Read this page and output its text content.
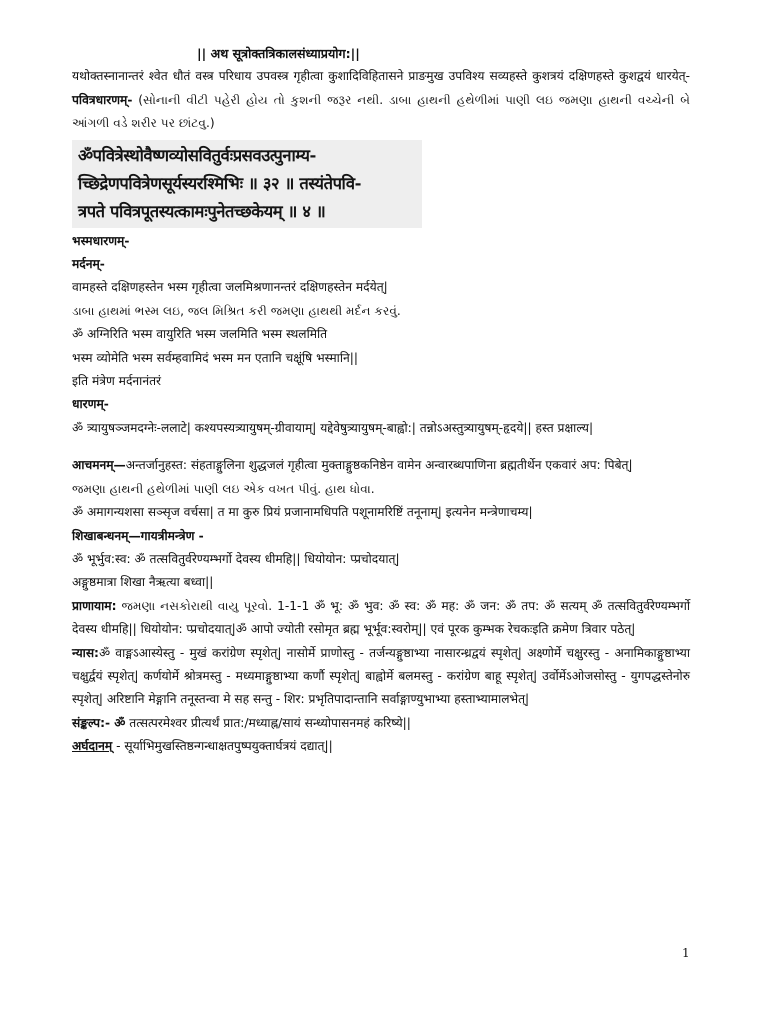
|| अथ सूत्रोक्तत्रिकालसंध्याप्रयोग:||

यथोक्तस्नानान्तरं श्वेत धौतं वस्त्र परिधाय उपवस्त्र गृहीत्वा कुशादिविहितासने प्राङमुख उपविश्य सव्यहस्ते कुशत्रयं दक्षिणहस्ते कुशद्वयं धारयेत्-पवित्रधारणम्- (સોનાની વીટી પહેરી હોય તો કુશની જરૂર નથી. ડાબા હાથની હથેળીમાં પાણી લઇ જમણા હાથની વચ્ચેની બે આંગળી વડે શરીર પર છાંટવુ.)

ॐपवित्रेस्थोवैष्णव्योसवितुर्वःप्रसवउत्पुनाम्य-
च्छिद्रेणपवित्रेणसूर्यस्यरश्मिभिः ॥ ३२ ॥ तस्यंतेपवि-
त्रपते पवित्रपूतस्यत्कामःपुनेतच्छकेयम् ॥ ४ ॥

भस्मधारणम्-

मर्दनम्-

वामहस्ते दक्षिणहस्तेन भस्म गृहीत्वा जलमिश्रणानन्तरं दक्षिणहस्तेन मर्दयेत्|

ડાબા હાથમાં ભસ્મ લઇ, જલ મિશ્રિત કરી જમણા હાથથી મર્દન કરવું.

ॐ अग्निरिति भस्म वायुरिति भस्म जलमिति भस्म स्थलमिति

भस्म व्योमेति भस्म सर्वम्हवामिदं भस्म मन एतानि चक्षूंषि भस्मानि||

इति मंत्रेण मर्दनानंतरं

धारणम्-

ॐ त्र्यायुषञ्जमदग्नेः-ललाटे| कश्यपस्यत्र्यायुषम्-ग्रीवायाम्| यद्देवेषुत्र्यायुषम्-बाह्वो:| तन्नोऽअस्तुत्र्यायुषम्-हृदये|| हस्त प्रक्षाल्य|

आचमनम्—अन्तर्जानुहस्त: संहताङ्गुलिना शुद्धजलं गृहीत्वा मुक्ताङ्गुष्ठकनिष्ठेन वामेन अन्वारब्धपाणिना ब्रह्मतीर्थेन एकवारं अप: पिबेत्|

જમણા હાથની હથેળીમાં પાણી લઇ એક વખત પીવું. હાથ ધોવા.

ॐ अमागन्यशसा सञ्सृज वर्चसा| त मा कुरु प्रियं प्रजानामधिपति पशूनामरिष्टिं तनूनाम्| इत्यनेन मन्त्रेणाचम्य|

शिखाबन्धनम्—गायत्रीमन्त्रेण -

ॐ भूर्भुव:स्व: ॐ तत्सवितुर्वरेण्यम्भर्गो देवस्य धीमहि|| धियोयोन: प्प्रचोदयात्|

अङ्गुष्ठमात्रा शिखा नैऋत्या बध्वा||

प्राणायाम: જમણા નસકોરાથી વાયુ પૂરવો. 1-1-1 ॐ भू: ॐ भुव: ॐ स्व: ॐ मह: ॐ जन: ॐ तप: ॐ सत्यम् ॐ तत्सवितुर्वरेण्यम्भर्गो देवस्य धीमहि|| धियोयोन: प्प्रचोदयात्|ॐ आपो ज्योती रसोमृत ब्रह्म भूर्भूव:स्वरोम्|| एवं पूरक कुम्भक रेचकःइति क्रमेण त्रिवार पठेत्|

न्यास:ॐ वाङ्मऽआस्येस्तु - मुखं करांग्रेण स्पृशेत्| नासोर्मे प्राणोस्तु - तर्जन्यङ्गुष्ठाभ्या नासारन्ध्रद्वयं स्पृशेत्| अक्ष्णोर्मे चक्षुरस्तु - अनामिकाङ्गुष्ठाभ्या चक्षुर्द्वयं स्पृशेत्| कर्णयोर्मे श्रोत्रमस्तु - मध्यमाङ्गुष्ठाभ्या कर्णौ स्पृशेत्| बाह्वोर्मे बलमस्तु - करांग्रेण बाहू स्पृशेत्| उर्वोर्मेऽओजसोस्तु - युगपद्धस्तेनोरु स्पृशेत्| अरिष्टानि मेङ्गानि तनूस्तन्वा मे सह सन्तु - शिर: प्रभृतिपादान्तानि सर्वाङ्गाण्युभाभ्या हस्ताभ्यामालभेत्|

संङ्कल्प:- ॐ तत्सत्परमेश्वर प्रीत्यर्थं प्रात:/मध्याह्न/सायं सन्ध्योपासनमहं करिष्ये||

अर्घदानम् - सूर्याभिमुखस्तिष्ठन्गन्धाक्षतपुष्पयुक्तार्घत्रयं दद्यात्||

1
